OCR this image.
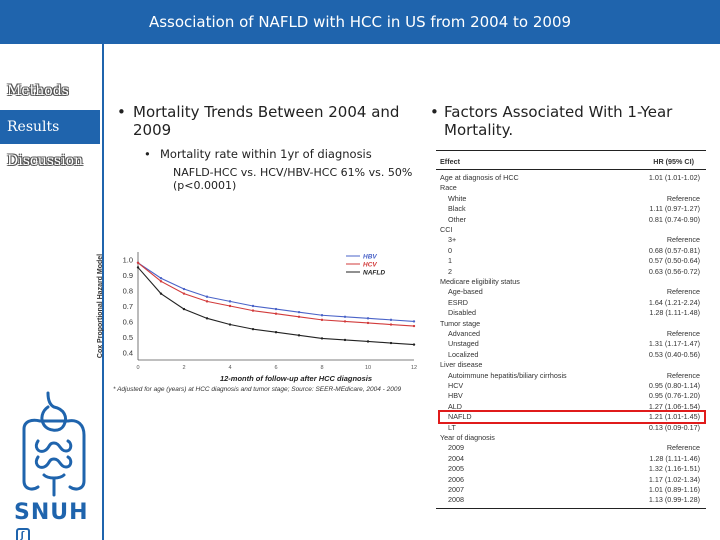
Association of NAFLD with HCC in US from 2004 to 2009
Methods
Results
Discussion
SNUHʃ
• Mortality Trends Between 2004 and 2009
• Mortality rate within 1yr of diagnosis
NAFLD-HCC vs. HCV/HBV-HCC 61% vs. 50% (p<0.0001)
• Factors Associated With 1-Year Mortality.
0.4
0.5
0.6
0.7
0.8
0.9
1.0
0	2	4	6	8	10	12
Cox Proportional Hazard Model
12-month of follow-up after HCC diagnosis
HBV
HCV
NAFLD
* Adjusted for age (years) at HCC diagnosis and tumor stage; Source: SEER-MEdicare, 2004 - 2009
Effect	HR (95% CI)
Age at diagnosis of HCC	1.01 (1.01-1.02)
Race
White	Reference
Black	1.11 (0.97-1.27)
Other	0.81 (0.74-0.90)
CCI
3+	Reference
0	0.68 (0.57-0.81)
1	0.57 (0.50-0.64)
2	0.63 (0.56-0.72)
Medicare eligibility status
Age-based	Reference
ESRD	1.64 (1.21-2.24)
Disabled	1.28 (1.11-1.48)
Tumor stage
Advanced	Reference
Unstaged	1.31 (1.17-1.47)
Localized	0.53 (0.40-0.56)
Liver disease
Autoimmune hepatitis/biliary cirrhosis	Reference
HCV	0.95 (0.80-1.14)
HBV	0.95 (0.76-1.20)
ALD	1.27 (1.06-1.54)
NAFLD	1.21 (1.01-1.45)
LT	0.13 (0.09-0.17)
Year of diagnosis
2009	Reference
2004	1.28 (1.11-1.46)
2005	1.32 (1.16-1.51)
2006	1.17 (1.02-1.34)
2007	1.01 (0.89-1.16)
2008	1.13 (0.99-1.28)
